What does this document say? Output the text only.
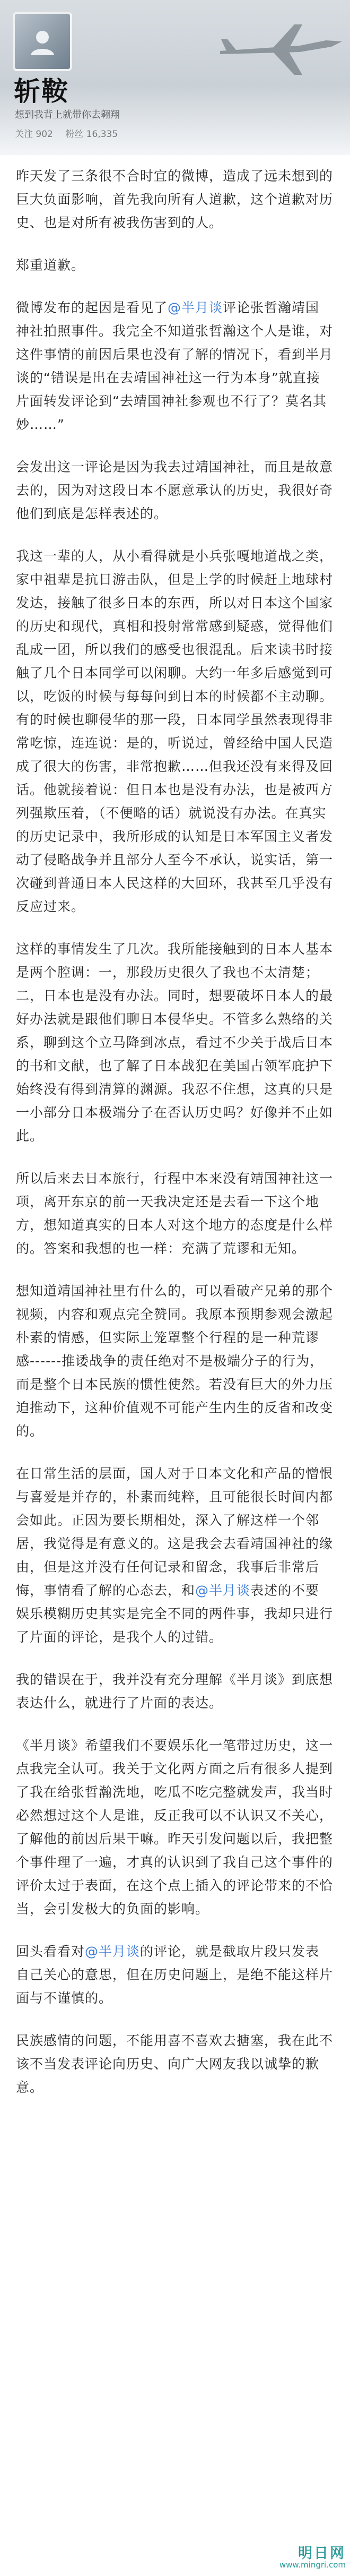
斩鞍
想到我背上就带你去翱翔
关注 902 粉丝 16,335

昨天发了三条很不合时宜的微博，造成了远未想到的巨大负面影响，首先我向所有人道歉，这个道歉对历史、也是对所有被我伤害到的人。

郑重道歉。

微博发布的起因是看见了@半月谈评论张哲瀚靖国神社拍照事件。我完全不知道张哲瀚这个人是谁，对这件事情的前因后果也没有了解的情况下，看到半月谈的“错误是出在去靖国神社这一行为本身”就直接片面转发评论到“去靖国神社参观也不行了？莫名其妙……”

会发出这一评论是因为我去过靖国神社，而且是故意去的，因为对这段日本不愿意承认的历史，我很好奇他们到底是怎样表述的。

我这一辈的人，从小看得就是小兵张嘎地道战之类，家中祖辈是抗日游击队，但是上学的时候赶上地球村发达，接触了很多日本的东西，所以对日本这个国家的历史和现代，真相和投射常常感到疑惑，觉得他们乱成一团，所以我们的感受也很混乱。后来读书时接触了几个日本同学可以闲聊。大约一年多后感觉到可以，吃饭的时候与每每问到日本的时候都不主动聊。有的时候也聊侵华的那一段，日本同学虽然表现得非常吃惊，连连说：是的，听说过，曾经给中国人民造成了很大的伤害，非常抱歉……但我还没有来得及回话。他就接着说：但日本也是没有办法，也是被西方列强欺压着，（不便略的话）就说没有办法。在真实的历史记录中，我所形成的认知是日本军国主义者发动了侵略战争并且部分人至今不承认，说实话，第一次碰到普通日本人民这样的大回环，我甚至几乎没有反应过来。

这样的事情发生了几次。我所能接触到的日本人基本是两个腔调：一，那段历史很久了我也不太清楚；二，日本也是没有办法。同时，想要破坏日本人的最好办法就是跟他们聊日本侵华史。不管多么熟络的关系，聊到这个立马降到冰点，看过不少关于战后日本的书和文献，也了解了日本战犯在美国占领军庇护下始终没有得到清算的渊源。我忍不住想，这真的只是一小部分日本极端分子在否认历史吗？好像并不止如此。

所以后来去日本旅行，行程中本来没有靖国神社这一项，离开东京的前一天我决定还是去看一下这个地方，想知道真实的日本人对这个地方的态度是什么样的。答案和我想的也一样：充满了荒谬和无知。

想知道靖国神社里有什么的，可以看破产兄弟的那个视频，内容和观点完全赞同。我原本预期参观会激起朴素的情感，但实际上笼罩整个行程的是一种荒谬感------推诿战争的责任绝对不是极端分子的行为，而是整个日本民族的惯性使然。若没有巨大的外力压迫推动下，这种价值观不可能产生内生的反省和改变的。

在日常生活的层面，国人对于日本文化和产品的憎恨与喜爱是并存的，朴素而纯粹，且可能很长时间内都会如此。正因为要长期相处，深入了解这样一个邻居，我觉得是有意义的。这是我会去看靖国神社的缘由，但是这并没有任何记录和留念，我事后非常后悔，事情看了解的心态去，和@半月谈表述的不要娱乐模糊历史其实是完全不同的两件事，我却只进行了片面的评论，是我个人的过错。

我的错误在于，我并没有充分理解《半月谈》到底想表达什么，就进行了片面的表达。

《半月谈》希望我们不要娱乐化一笔带过历史，这一点我完全认可。我关于文化两方面之后有很多人提到了我在给张哲瀚洗地，吃瓜不吃完整就发声，我当时必然想过这个人是谁，反正我可以不认识又不关心，了解他的前因后果干嘛。昨天引发问题以后，我把整个事件理了一遍，才真的认识到了我自己这个事件的评价太过于表面，在这个点上插入的评论带来的不恰当，会引发极大的负面的影响。

回头看看对@半月谈的评论，就是截取片段只发表自己关心的意思，但在历史问题上，是绝不能这样片面与不谨慎的。

民族感情的问题，不能用喜不喜欢去搪塞，我在此不该不当发表评论向历史、向广大网友我以诚挚的歉意。

明日网
www.mingri.com
